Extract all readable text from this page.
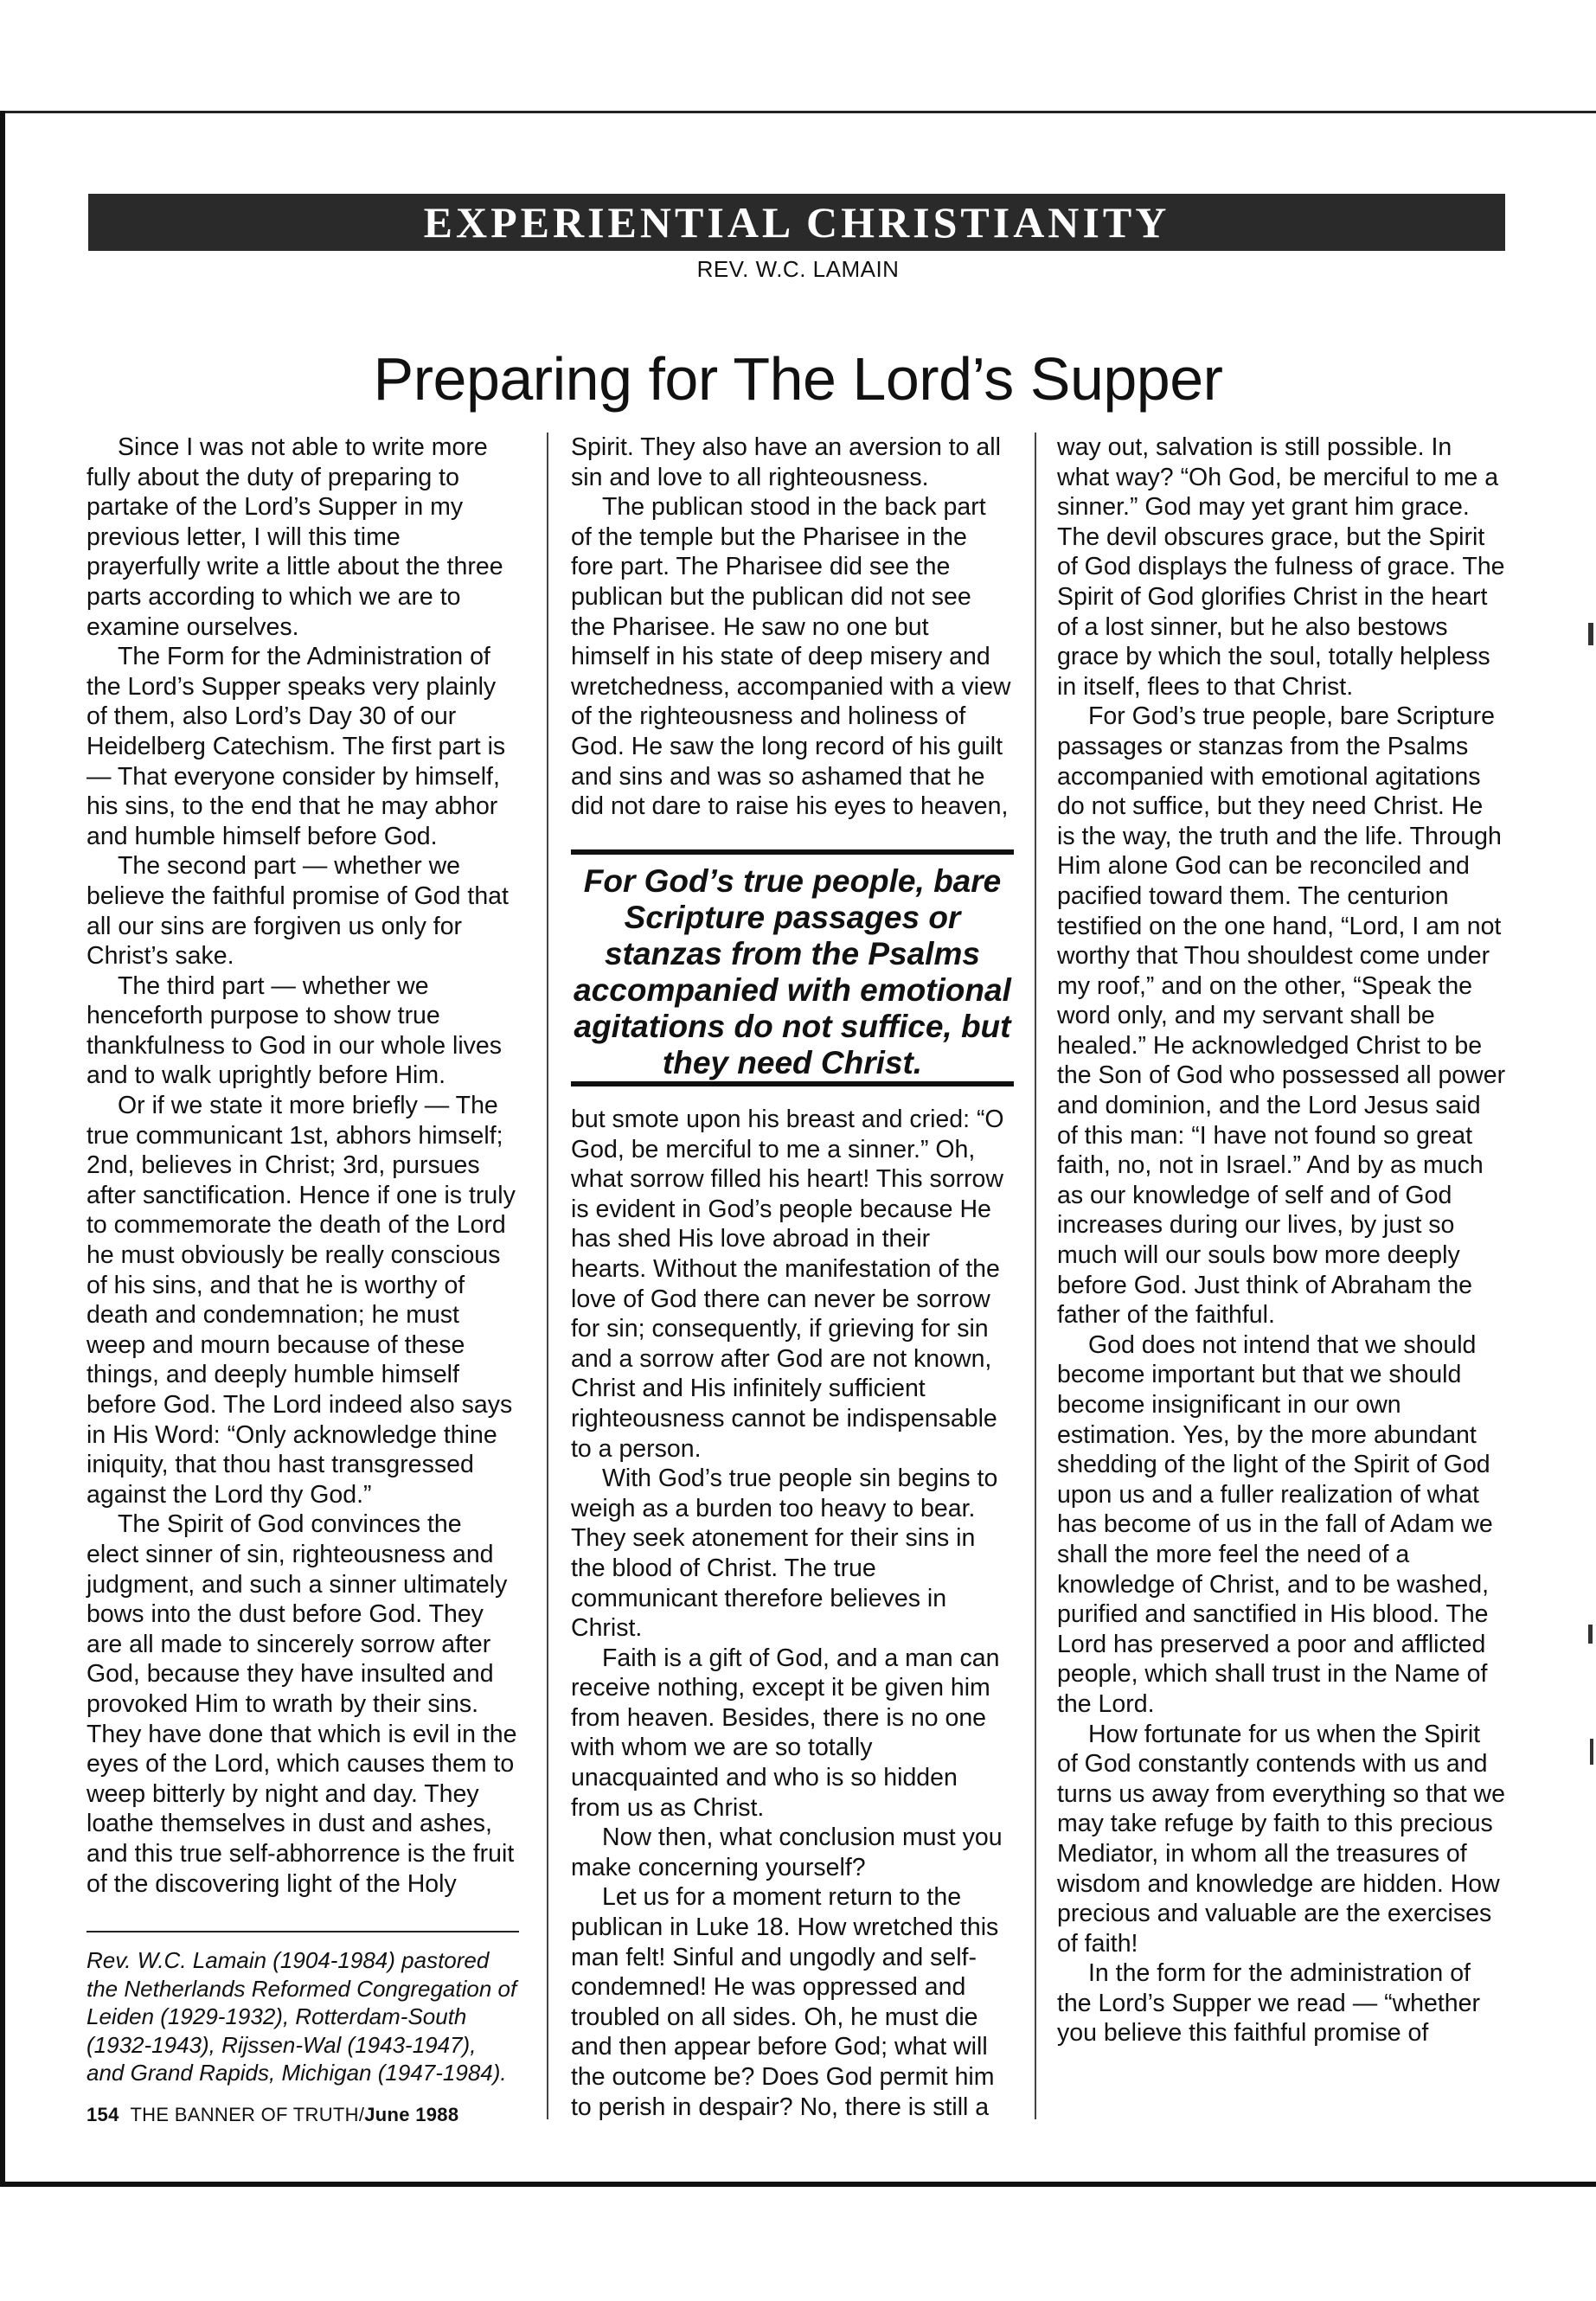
EXPERIENTIAL CHRISTIANITY
REV. W.C. LAMAIN
Preparing for The Lord’s Supper

Since I was not able to write more fully about the duty of preparing to partake of the Lord’s Supper in my previous letter, I will this time prayerfully write a little about the three parts according to which we are to examine ourselves.

The Form for the Administration of the Lord’s Supper speaks very plainly of them, also Lord’s Day 30 of our Heidelberg Catechism. The first part is — That everyone consider by himself, his sins, to the end that he may abhor and humble himself before God.

The second part — whether we believe the faithful promise of God that all our sins are forgiven us only for Christ’s sake.

The third part — whether we henceforth purpose to show true thankfulness to God in our whole lives and to walk uprightly before Him.

Or if we state it more briefly — The true communicant 1st, abhors himself; 2nd, believes in Christ; 3rd, pursues after sanctification. Hence if one is truly to commemorate the death of the Lord he must obviously be really conscious of his sins, and that he is worthy of death and condemnation; he must weep and mourn because of these things, and deeply humble himself before God. The Lord indeed also says in His Word: “Only acknowledge thine iniquity, that thou hast transgressed against the Lord thy God.”

The Spirit of God convinces the elect sinner of sin, righteousness and judgment, and such a sinner ultimately bows into the dust before God. They are all made to sincerely sorrow after God, because they have insulted and provoked Him to wrath by their sins. They have done that which is evil in the eyes of the Lord, which causes them to weep bitterly by night and day. They loathe themselves in dust and ashes, and this true self-abhorrence is the fruit of the discovering light of the Holy

Spirit. They also have an aversion to all sin and love to all righteousness.

The publican stood in the back part of the temple but the Pharisee in the fore part. The Pharisee did see the publican but the publican did not see the Pharisee. He saw no one but himself in his state of deep misery and wretchedness, accompanied with a view of the righteousness and holiness of God. He saw the long record of his guilt and sins and was so ashamed that he did not dare to raise his eyes to heaven,

For God’s true people, bare Scripture passages or stanzas from the Psalms accompanied with emotional agitations do not suffice, but they need Christ.

but smote upon his breast and cried: “O God, be merciful to me a sinner.” Oh, what sorrow filled his heart! This sorrow is evident in God’s people because He has shed His love abroad in their hearts. Without the manifestation of the love of God there can never be sorrow for sin; consequently, if grieving for sin and a sorrow after God are not known, Christ and His infinitely sufficient righteousness cannot be indispensable to a person.

With God’s true people sin begins to weigh as a burden too heavy to bear. They seek atonement for their sins in the blood of Christ. The true communicant therefore believes in Christ.

Faith is a gift of God, and a man can receive nothing, except it be given him from heaven. Besides, there is no one with whom we are so totally unacquainted and who is so hidden from us as Christ.

Now then, what conclusion must you make concerning yourself?

Let us for a moment return to the publican in Luke 18. How wretched this man felt! Sinful and ungodly and self-condemned! He was oppressed and troubled on all sides. Oh, he must die and then appear before God; what will the outcome be? Does God permit him to perish in despair? No, there is still a

way out, salvation is still possible. In what way? “Oh God, be merciful to me a sinner.” God may yet grant him grace. The devil obscures grace, but the Spirit of God displays the fulness of grace. The Spirit of God glorifies Christ in the heart of a lost sinner, but he also bestows grace by which the soul, totally helpless in itself, flees to that Christ.

For God’s true people, bare Scripture passages or stanzas from the Psalms accompanied with emotional agitations do not suffice, but they need Christ. He is the way, the truth and the life. Through Him alone God can be reconciled and pacified toward them. The centurion testified on the one hand, “Lord, I am not worthy that Thou shouldest come under my roof,” and on the other, “Speak the word only, and my servant shall be healed.” He acknowledged Christ to be the Son of God who possessed all power and dominion, and the Lord Jesus said of this man: “I have not found so great faith, no, not in Israel.” And by as much as our knowledge of self and of God increases during our lives, by just so much will our souls bow more deeply before God. Just think of Abraham the father of the faithful.

God does not intend that we should become important but that we should become insignificant in our own estimation. Yes, by the more abundant shedding of the light of the Spirit of God upon us and a fuller realization of what has become of us in the fall of Adam we shall the more feel the need of a knowledge of Christ, and to be washed, purified and sanctified in His blood. The Lord has preserved a poor and afflicted people, which shall trust in the Name of the Lord.

How fortunate for us when the Spirit of God constantly contends with us and turns us away from everything so that we may take refuge by faith to this precious Mediator, in whom all the treasures of wisdom and knowledge are hidden. How precious and valuable are the exercises of faith!

In the form for the administration of the Lord’s Supper we read — “whether you believe this faithful promise of

Rev. W.C. Lamain (1904-1984) pastored the Netherlands Reformed Congregation of Leiden (1929-1932), Rotterdam-South (1932-1943), Rijssen-Wal (1943-1947), and Grand Rapids, Michigan (1947-1984).
154 THE BANNER OF TRUTH/June 1988
